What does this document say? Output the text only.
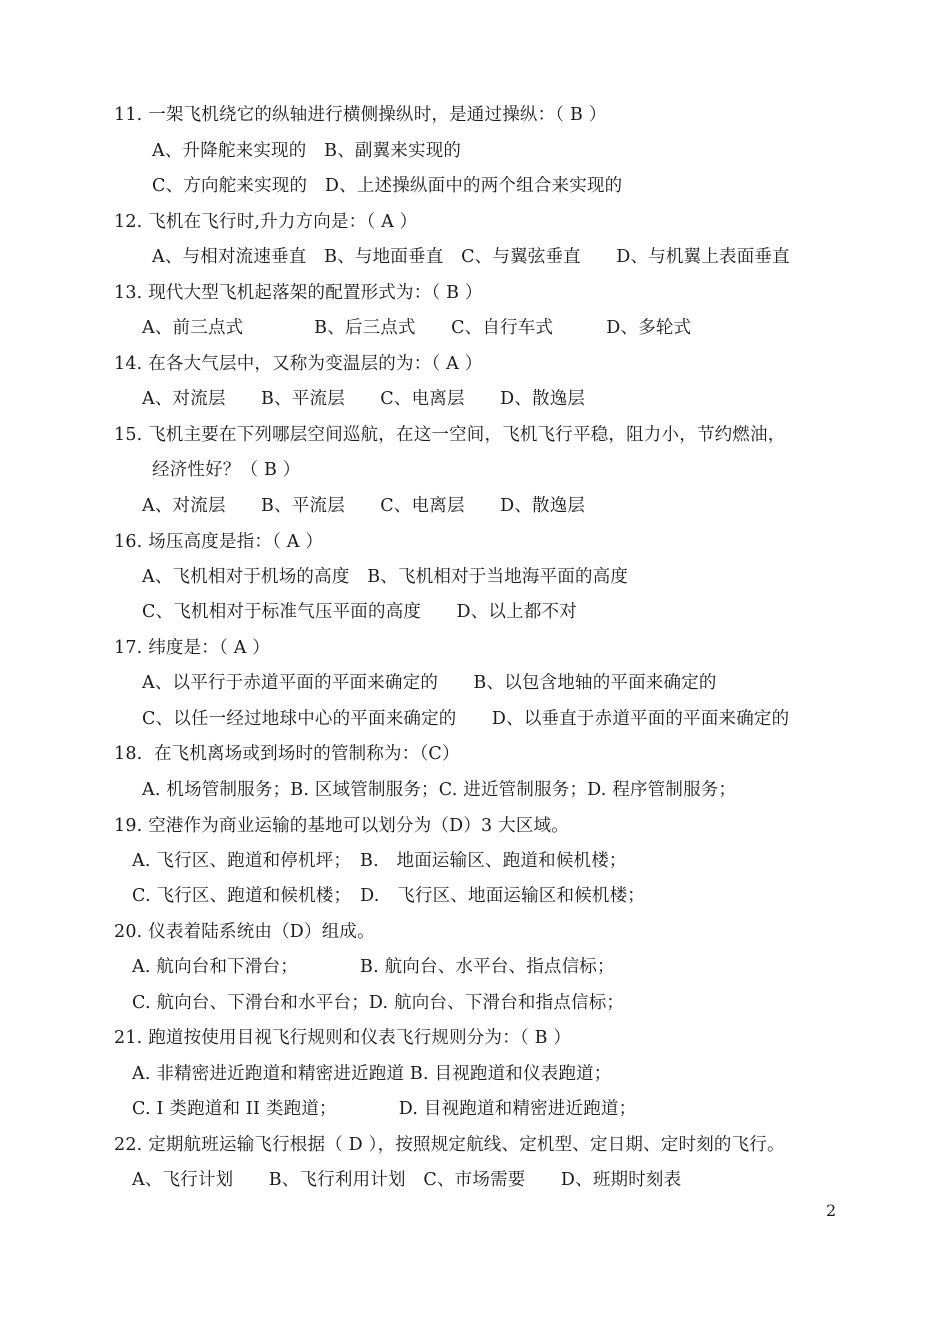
11. 一架飞机绕它的纵轴进行横侧操纵时，是通过操纵：（ B ）
A、升降舵来实现的　B、副翼来实现的
C、方向舵来实现的　D、上述操纵面中的两个组合来实现的
12. 飞机在飞行时,升力方向是：（ A ）
A、与相对流速垂直　B、与地面垂直　C、与翼弦垂直　　D、与机翼上表面垂直
13. 现代大型飞机起落架的配置形式为：（ B ）
A、前三点式　　　　B、后三点式　　C、自行车式　　　D、多轮式
14. 在各大气层中，又称为变温层的为：（ A ）
A、对流层　　B、平流层　　C、电离层　　D、散逸层
15. 飞机主要在下列哪层空间巡航，在这一空间，飞机飞行平稳，阻力小，节约燃油，
经济性好？（ B ）
A、对流层　　B、平流层　　C、电离层　　D、散逸层
16. 场压高度是指：（ A ）
A、飞机相对于机场的高度　B、飞机相对于当地海平面的高度
C、飞机相对于标准气压平面的高度　　D、以上都不对
17. 纬度是：（ A ）
A、以平行于赤道平面的平面来确定的　　B、以包含地轴的平面来确定的
C、以任一经过地球中心的平面来确定的　　D、以垂直于赤道平面的平面来确定的
18.  在飞机离场或到场时的管制称为：（C）
A. 机场管制服务；B. 区域管制服务；C. 进近管制服务；D. 程序管制服务；
19. 空港作为商业运输的基地可以划分为（D）3 大区域。
A. 飞行区、跑道和停机坪；　B.　地面运输区、跑道和候机楼；
C. 飞行区、跑道和候机楼；　D.　飞行区、地面运输区和候机楼；
20. 仪表着陆系统由（D）组成。
A. 航向台和下滑台；　　　　B. 航向台、水平台、指点信标；
C. 航向台、下滑台和水平台；D. 航向台、下滑台和指点信标；
21. 跑道按使用目视飞行规则和仪表飞行规则分为：（ B ）
A. 非精密进近跑道和精密进近跑道 B. 目视跑道和仪表跑道；
C. I 类跑道和 II 类跑道；　　　　D. 目视跑道和精密进近跑道；
22. 定期航班运输飞行根据（ D ），按照规定航线、定机型、定日期、定时刻的飞行。
A、飞行计划　　B、飞行利用计划　C、市场需要　　D、班期时刻表
2
